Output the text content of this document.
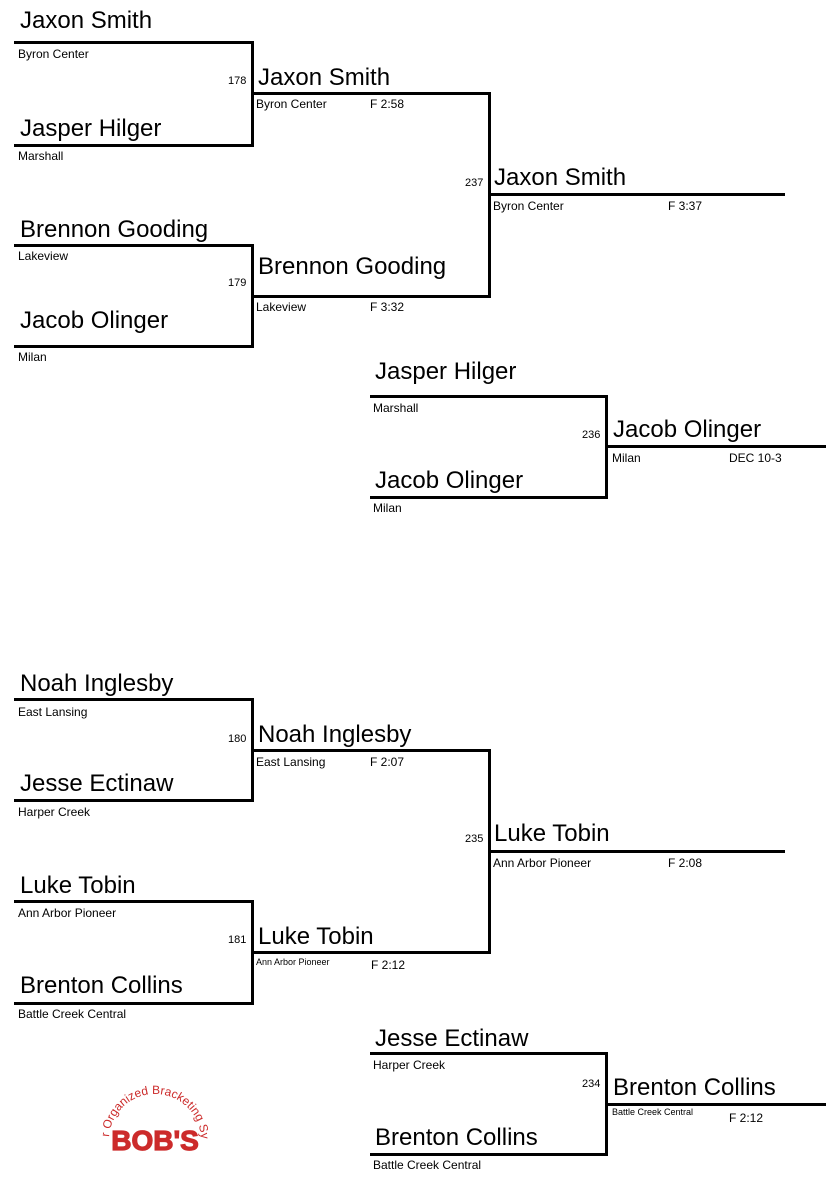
Jaxon Smith
Byron Center
178
Jasper Hilger
Marshall
Jaxon Smith
Byron Center	F 2:58
Brennon Gooding
Lakeview
179
Jacob Olinger
Milan
Brennon Gooding
Lakeview	F 3:32
237 Jaxon Smith
Byron Center	F 3:37
Jasper Hilger
Marshall
236
Jacob Olinger
Milan
Jacob Olinger
Milan	DEC 10-3
Noah Inglesby
East Lansing
180
Jesse Ectinaw
Harper Creek
Noah Inglesby
East Lansing	F 2:07
Luke Tobin
Ann Arbor Pioneer
181
Brenton Collins
Battle Creek Central
Luke Tobin
Ann Arbor Pioneer	F 2:12
235 Luke Tobin
Ann Arbor Pioneer	F 2:08
Jesse Ectinaw
Harper Creek
234
Brenton Collins
Battle Creek Central
Brenton Collins
Battle Creek Central	F 2:12
r Organized Bracketing Sy
BOB'S
